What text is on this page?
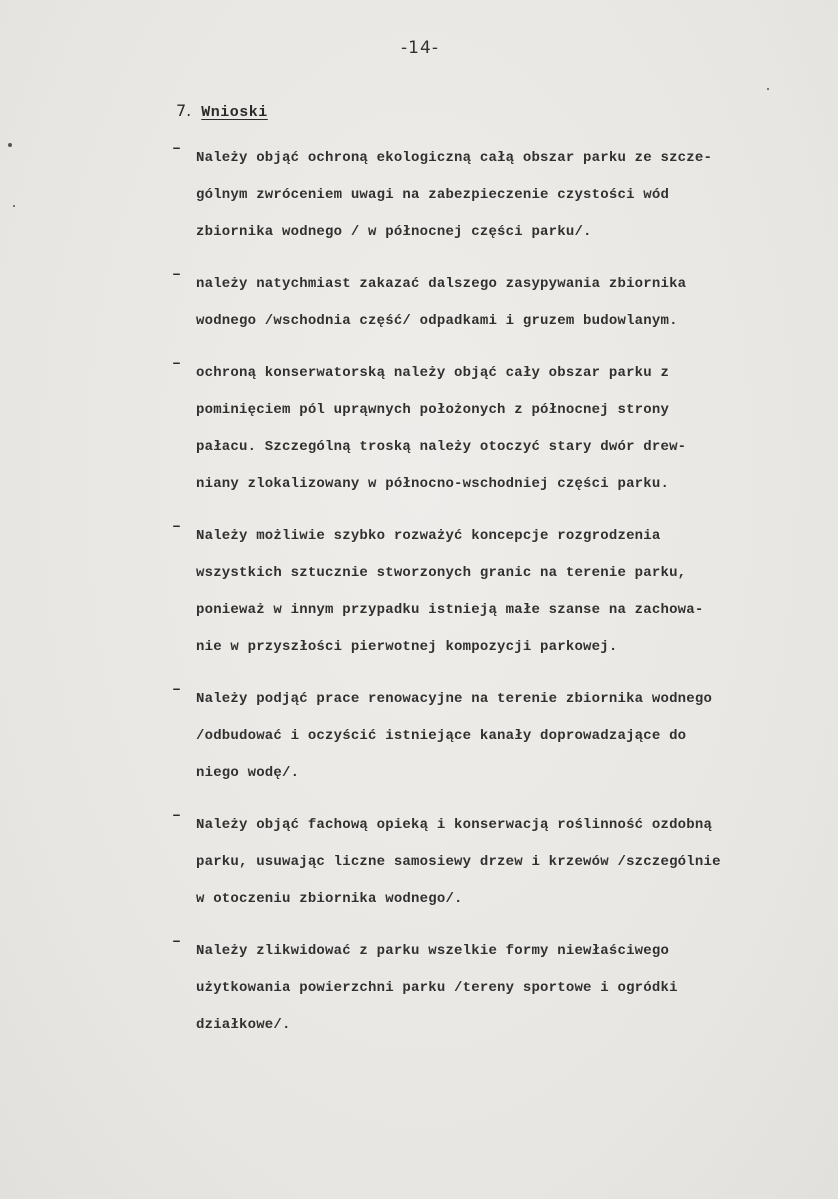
-14-
7. Wnioski
–
Należy objąć ochroną ekologiczną całą obszar parku ze szcze-
gólnym zwróceniem uwagi na zabezpieczenie czystości wód
zbiornika wodnego / w północnej części parku/.
–
należy natychmiast zakazać dalszego zasypywania zbiornika
wodnego /wschodnia część/ odpadkami i gruzem budowlanym.
–
ochroną konserwatorską należy objąć cały obszar parku z
pominięciem pól uprąwnych położonych z północnej strony
pałacu. Szczególną troską należy otoczyć stary dwór drew-
niany zlokalizowany w północno-wschodniej części parku.
–
Należy możliwie szybko rozważyć koncepcje rozgrodzenia
wszystkich sztucznie stworzonych granic na terenie parku,
ponieważ w innym przypadku istnieją małe szanse na zachowa-
nie w przyszłości pierwotnej kompozycji parkowej.
–
Należy podjąć prace renowacyjne na terenie zbiornika wodnego
/odbudować i oczyścić istniejące kanały doprowadzające do
niego wodę/.
–
Należy objąć fachową opieką i konserwacją roślinność ozdobną
parku, usuwając liczne samosiewy drzew i krzewów /szczególnie
w otoczeniu zbiornika wodnego/.
–
Należy zlikwidować z parku wszelkie formy niewłaściwego
użytkowania powierzchni parku /tereny sportowe i ogródki
działkowe/.
